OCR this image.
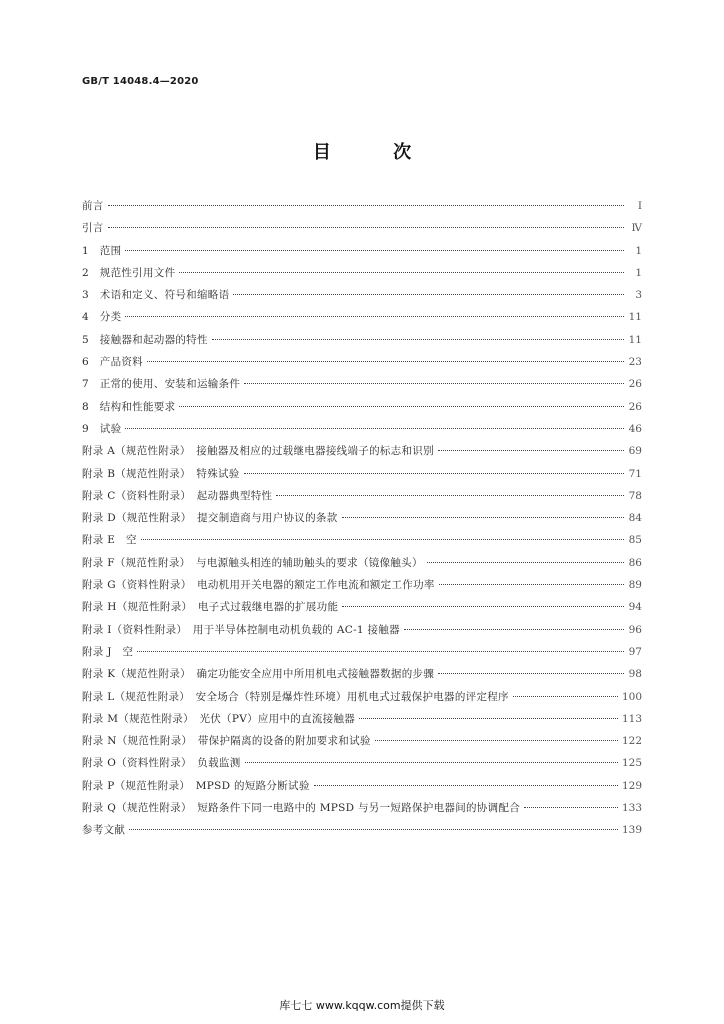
GB/T 14048.4—2020
目 次
前言	Ⅰ
引言	Ⅳ
1　范围	1
2　规范性引用文件	1
3　术语和定义、符号和缩略语	3
4　分类	11
5　接触器和起动器的特性	11
6　产品资料	23
7　正常的使用、安装和运输条件	26
8　结构和性能要求	26
9　试验	46
附录 A（规范性附录）　接触器及相应的过载继电器接线端子的标志和识别	69
附录 B（规范性附录）　特殊试验	71
附录 C（资料性附录）　起动器典型特性	78
附录 D（规范性附录）　提交制造商与用户协议的条款	84
附录 E　空	85
附录 F（规范性附录）　与电源触头相连的辅助触头的要求（镜像触头）	86
附录 G（资料性附录）　电动机用开关电器的额定工作电流和额定工作功率	89
附录 H（规范性附录）　电子式过载继电器的扩展功能	94
附录 I（资料性附录）　用于半导体控制电动机负载的 AC-1 接触器	96
附录 J　空	97
附录 K（规范性附录）　确定功能安全应用中所用机电式接触器数据的步骤	98
附录 L（规范性附录）　安全场合（特别是爆炸性环境）用机电式过载保护电器的评定程序	100
附录 M（规范性附录）　光伏（PV）应用中的直流接触器	113
附录 N（规范性附录）　带保护隔离的设备的附加要求和试验	122
附录 O（资料性附录）　负载监测	125
附录 P（规范性附录）　MPSD 的短路分断试验	129
附录 Q（规范性附录）　短路条件下同一电路中的 MPSD 与另一短路保护电器间的协调配合	133
参考文献	139
库七七 www.kqqw.com提供下载
